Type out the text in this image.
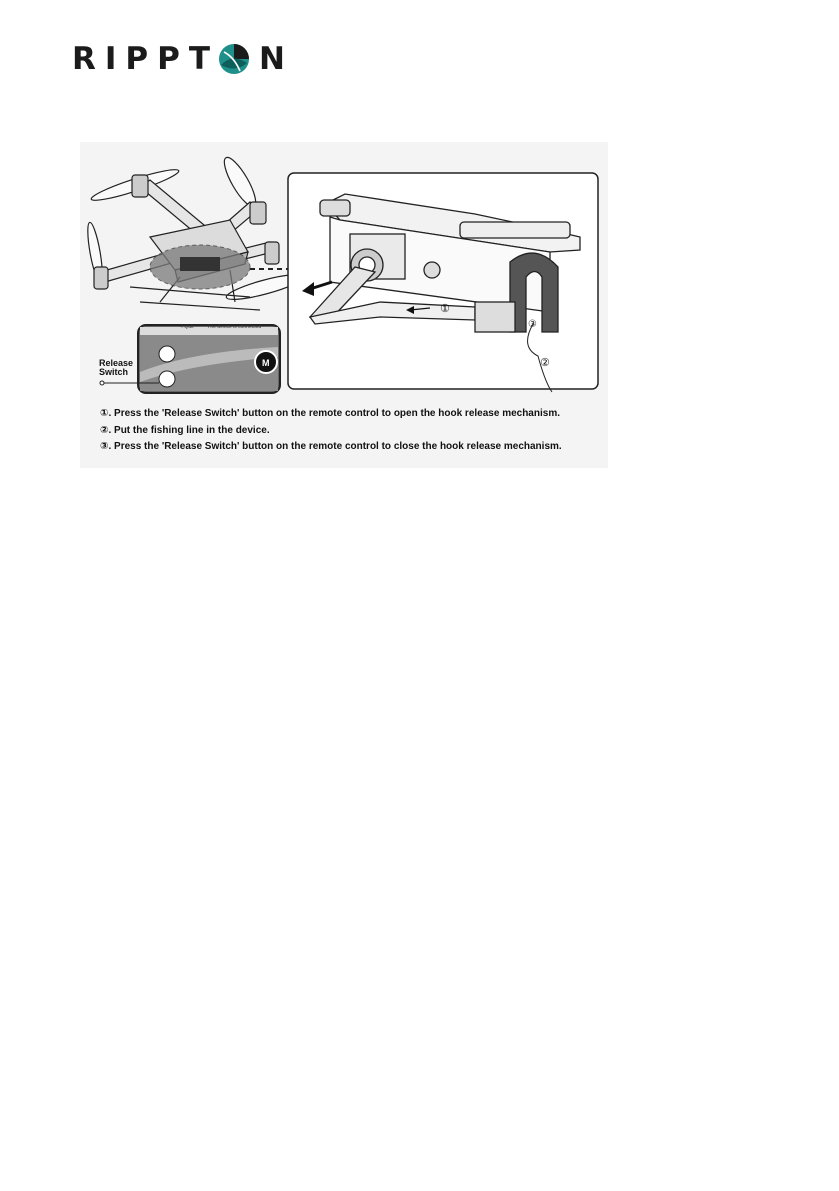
RIPPT N
①
②
③
M
< Quit	The device is connected
Release
Switch
①. Press the 'Release Switch' button on the remote control to open the hook release mechanism.
②. Put the fishing line in the device.
③. Press the 'Release Switch' button on the remote control to close the hook release mechanism.
